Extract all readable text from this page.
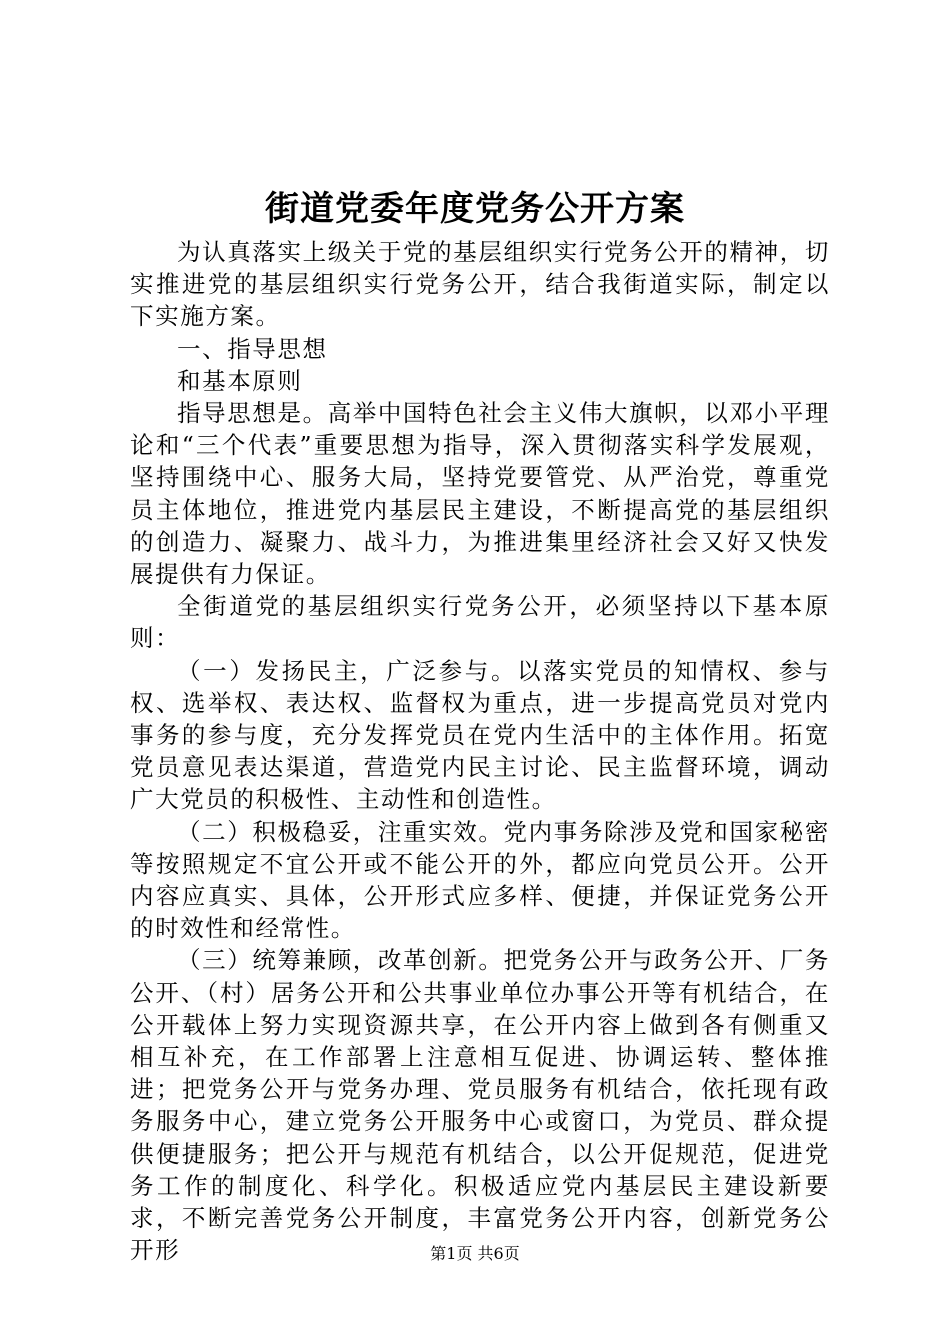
街道党委年度党务公开方案

为认真落实上级关于党的基层组织实行党务公开的精神，切实推进党的基层组织实行党务公开，结合我街道实际，制定以下实施方案。

一、指导思想

和基本原则

指导思想是。高举中国特色社会主义伟大旗帜，以邓小平理论和“三个代表”重要思想为指导，深入贯彻落实科学发展观，坚持围绕中心、服务大局，坚持党要管党、从严治党，尊重党员主体地位，推进党内基层民主建设，不断提高党的基层组织的创造力、凝聚力、战斗力，为推进集里经济社会又好又快发展提供有力保证。

全街道党的基层组织实行党务公开，必须坚持以下基本原则：

（一）发扬民主，广泛参与。以落实党员的知情权、参与权、选举权、表达权、监督权为重点，进一步提高党员对党内事务的参与度，充分发挥党员在党内生活中的主体作用。拓宽党员意见表达渠道，营造党内民主讨论、民主监督环境，调动广大党员的积极性、主动性和创造性。

（二）积极稳妥，注重实效。党内事务除涉及党和国家秘密等按照规定不宜公开或不能公开的外，都应向党员公开。公开内容应真实、具体，公开形式应多样、便捷，并保证党务公开的时效性和经常性。

（三）统筹兼顾，改革创新。把党务公开与政务公开、厂务公开、（村）居务公开和公共事业单位办事公开等有机结合，在公开载体上努力实现资源共享，在公开内容上做到各有侧重又相互补充，在工作部署上注意相互促进、协调运转、整体推进；把党务公开与党务办理、党员服务有机结合，依托现有政务服务中心，建立党务公开服务中心或窗口，为党员、群众提供便捷服务；把公开与规范有机结合，以公开促规范，促进党务工作的制度化、科学化。积极适应党内基层民主建设新要求，不断完善党务公开制度，丰富党务公开内容，创新党务公开形	第1页 共6页
